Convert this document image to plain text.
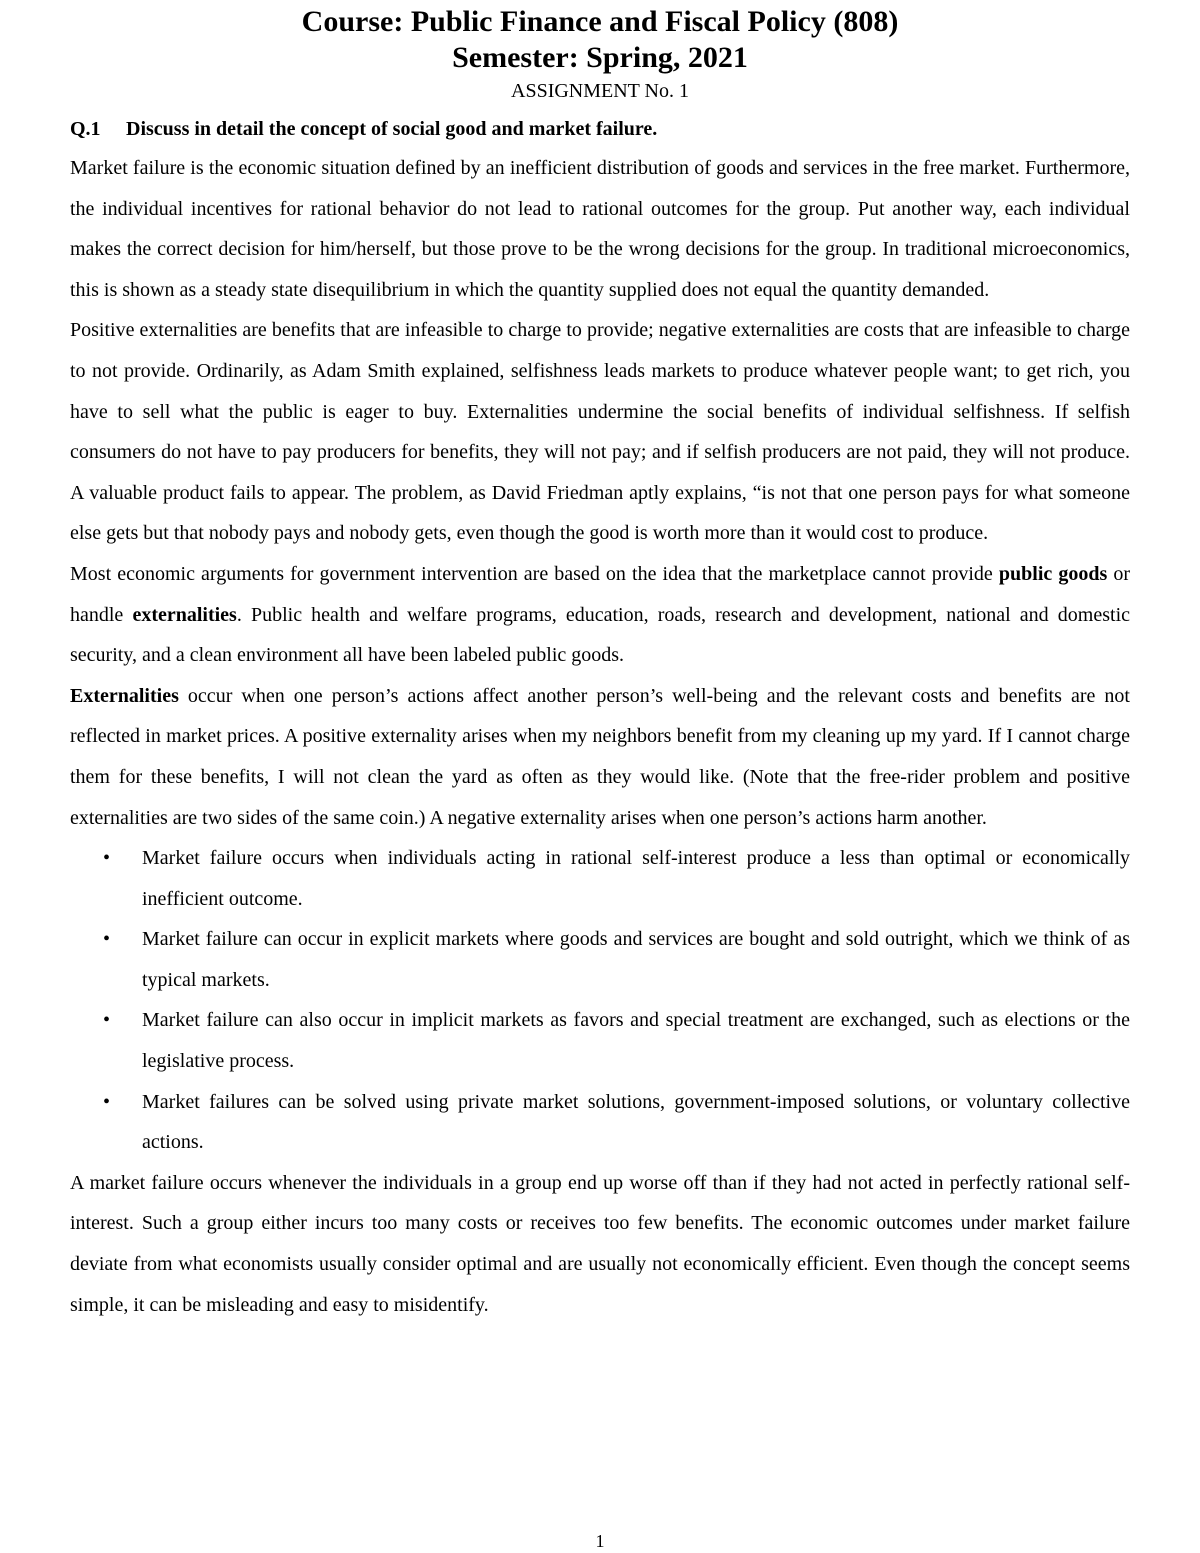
Course: Public Finance and Fiscal Policy (808)
Semester: Spring, 2021
ASSIGNMENT No. 1
Q.1 Discuss in detail the concept of social good and market failure.

Market failure is the economic situation defined by an inefficient distribution of goods and services in the free market. Furthermore, the individual incentives for rational behavior do not lead to rational outcomes for the group. Put another way, each individual makes the correct decision for him/herself, but those prove to be the wrong decisions for the group. In traditional microeconomics, this is shown as a steady state disequilibrium in which the quantity supplied does not equal the quantity demanded.

Positive externalities are benefits that are infeasible to charge to provide; negative externalities are costs that are infeasible to charge to not provide. Ordinarily, as Adam Smith explained, selfishness leads markets to produce whatever people want; to get rich, you have to sell what the public is eager to buy. Externalities undermine the social benefits of individual selfishness. If selfish consumers do not have to pay producers for benefits, they will not pay; and if selfish producers are not paid, they will not produce. A valuable product fails to appear. The problem, as David Friedman aptly explains, “is not that one person pays for what someone else gets but that nobody pays and nobody gets, even though the good is worth more than it would cost to produce.

Most economic arguments for government intervention are based on the idea that the marketplace cannot provide public goods or handle externalities. Public health and welfare programs, education, roads, research and development, national and domestic security, and a clean environment all have been labeled public goods.

Externalities occur when one person’s actions affect another person’s well-being and the relevant costs and benefits are not reflected in market prices. A positive externality arises when my neighbors benefit from my cleaning up my yard. If I cannot charge them for these benefits, I will not clean the yard as often as they would like. (Note that the free-rider problem and positive externalities are two sides of the same coin.) A negative externality arises when one person’s actions harm another.

• Market failure occurs when individuals acting in rational self-interest produce a less than optimal or economically inefficient outcome.
• Market failure can occur in explicit markets where goods and services are bought and sold outright, which we think of as typical markets.
• Market failure can also occur in implicit markets as favors and special treatment are exchanged, such as elections or the legislative process.
• Market failures can be solved using private market solutions, government-imposed solutions, or voluntary collective actions.

A market failure occurs whenever the individuals in a group end up worse off than if they had not acted in perfectly rational self-interest. Such a group either incurs too many costs or receives too few benefits. The economic outcomes under market failure deviate from what economists usually consider optimal and are usually not economically efficient. Even though the concept seems simple, it can be misleading and easy to misidentify.

1
